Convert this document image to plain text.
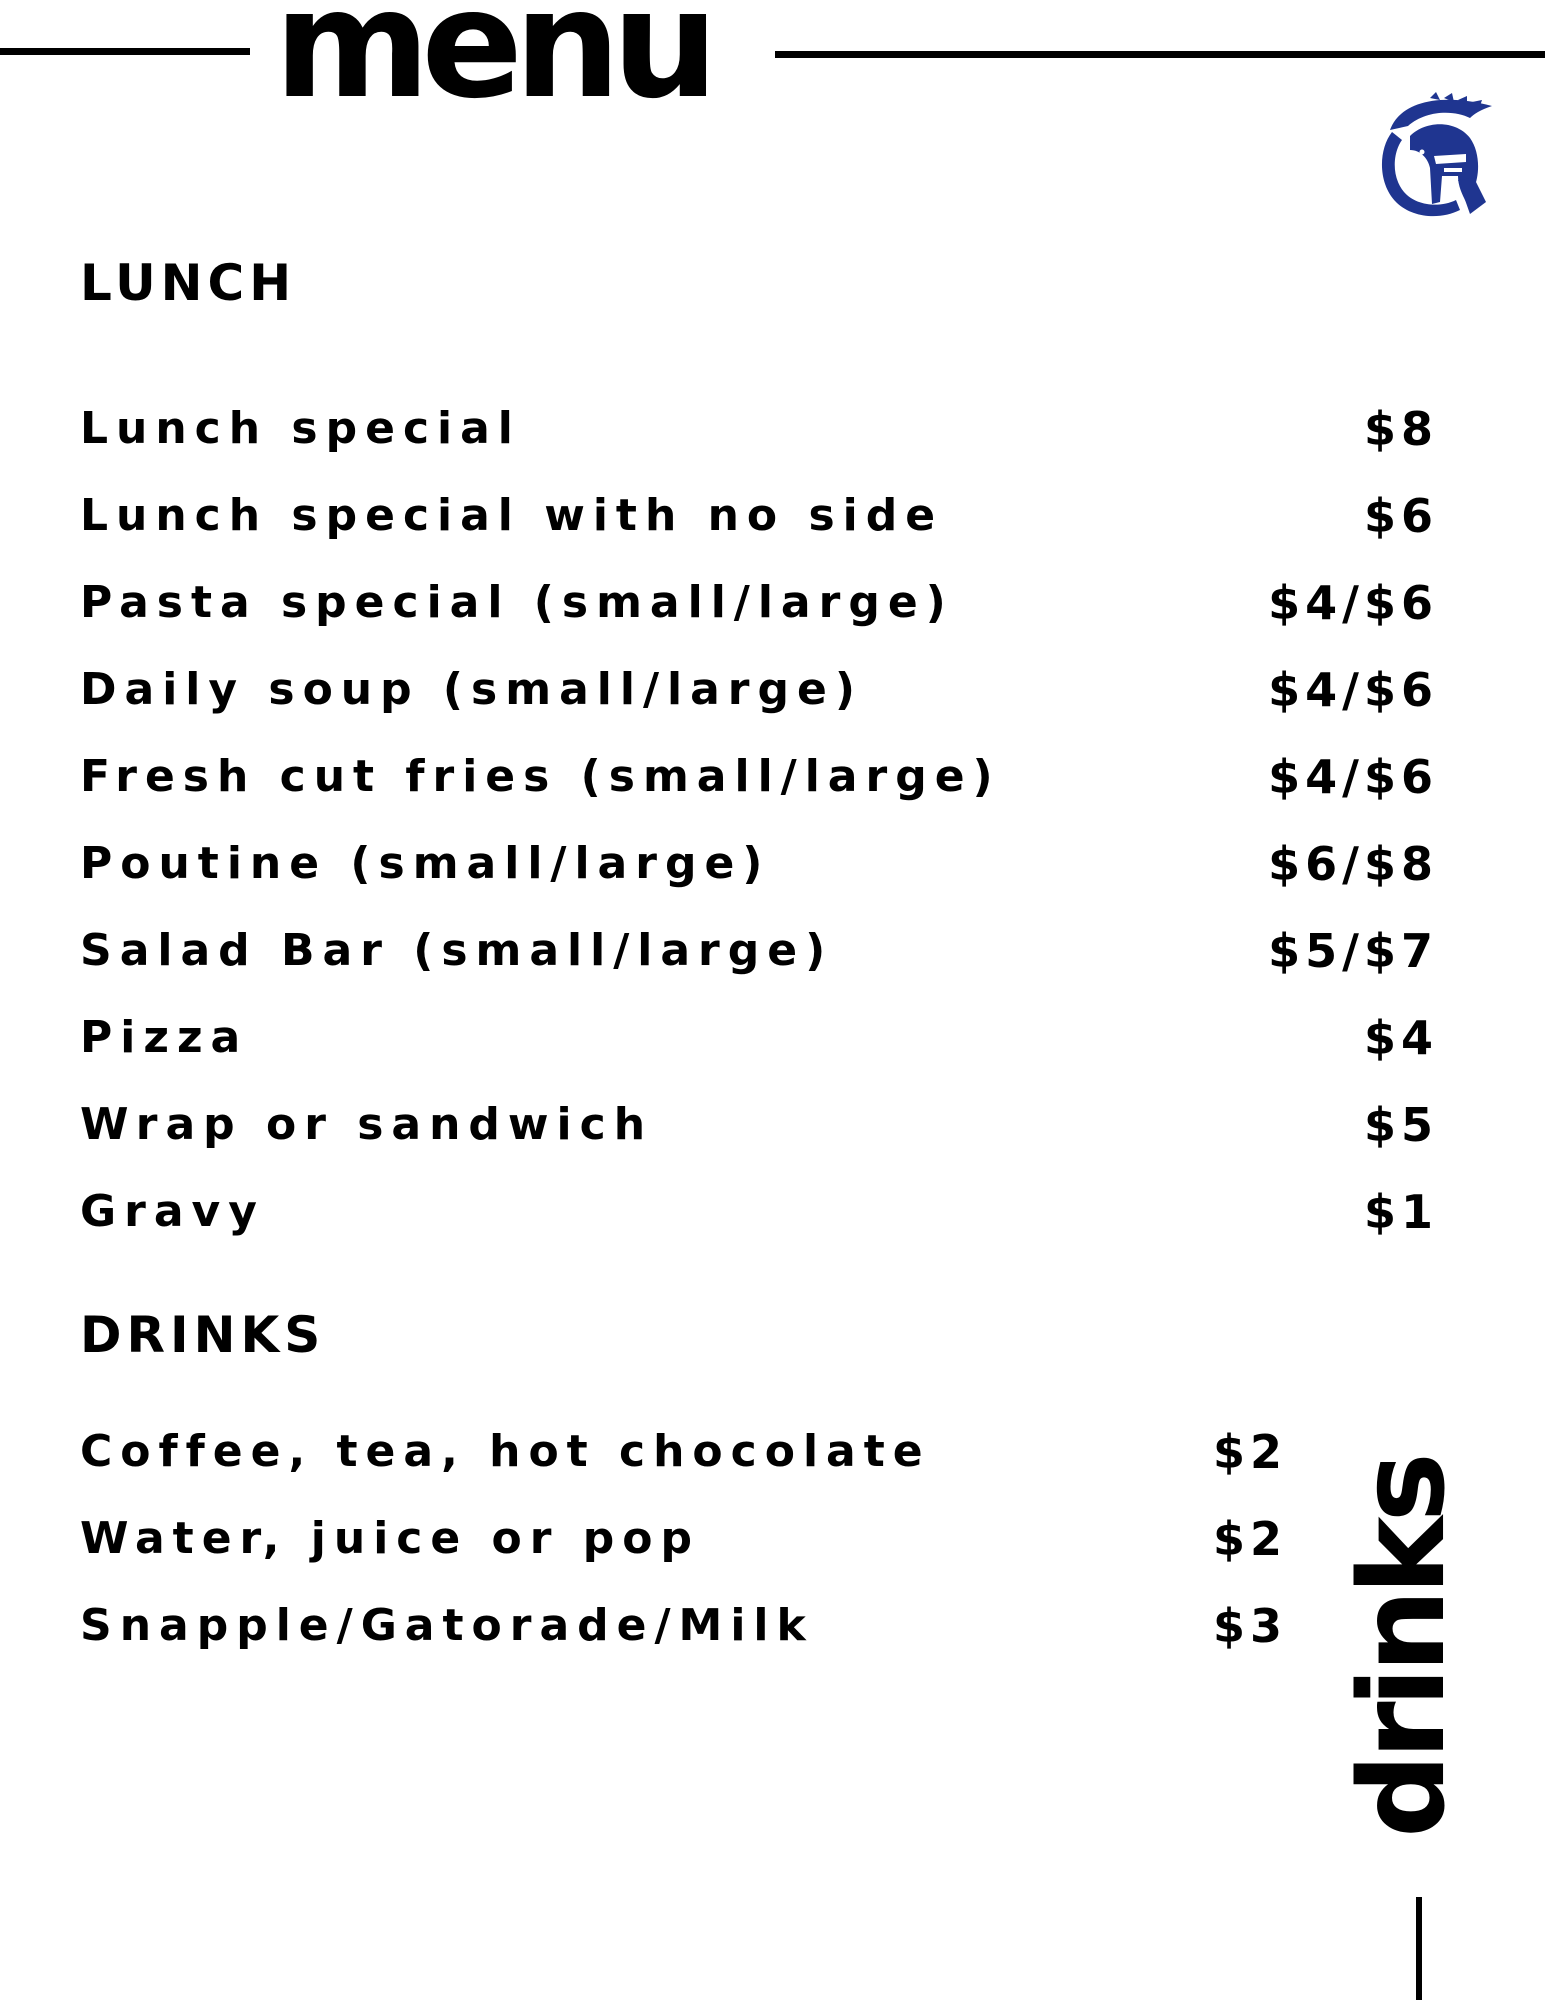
menu
LUNCH
Lunch special	$8
Lunch special with no side	$6
Pasta special (small/large)	$4/$6
Daily soup (small/large)	$4/$6
Fresh cut fries (small/large)	$4/$6
Poutine (small/large)	$6/$8
Salad Bar (small/large)	$5/$7
Pizza	$4
Wrap or sandwich	$5
Gravy	$1
DRINKS
Coffee, tea, hot chocolate	$2
Water, juice or pop	$2
Snapple/Gatorade/Milk	$3 drinks
